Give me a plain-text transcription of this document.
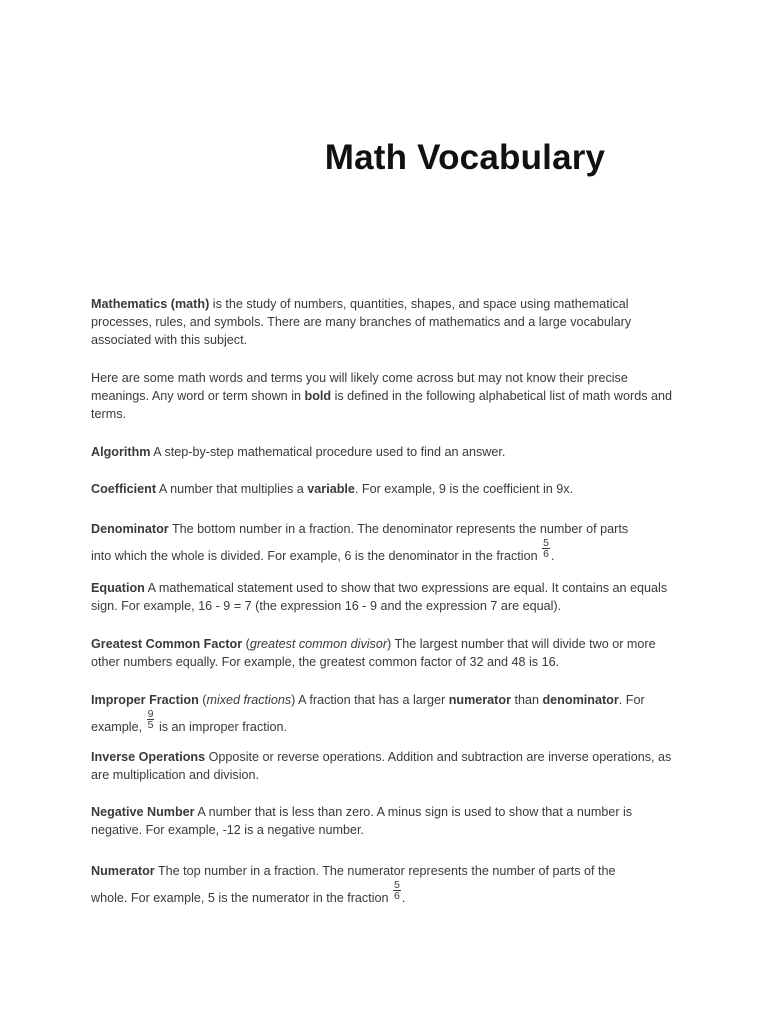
Math Vocabulary

Mathematics (math) is the study of numbers, quantities, shapes, and space using mathematical processes, rules, and symbols. There are many branches of mathematics and a large vocabulary associated with this subject.

Here are some math words and terms you will likely come across but may not know their precise meanings. Any word or term shown in bold is defined in the following alphabetical list of math words and terms.

Algorithm A step-by-step mathematical procedure used to find an answer.

Coefficient A number that multiplies a variable. For example, 9 is the coefficient in 9x.

Denominator The bottom number in a fraction. The denominator represents the number of parts
into which the whole is divided. For example, 6 is the denominator in the fraction $\frac{5}{6}$ .

Equation A mathematical statement used to show that two expressions are equal. It contains an equals sign. For example, 16 - 9 = 7 (the expression 16 - 9 and the expression 7 are equal).

Greatest Common Factor (greatest common divisor) The largest number that will divide two or more other numbers equally. For example, the greatest common factor of 32 and 48 is 16.

Improper Fraction (mixed fractions) A fraction that has a larger numerator than denominator. For
example, $\frac{9}{5}$ is an improper fraction.

Inverse Operations Opposite or reverse operations. Addition and subtraction are inverse operations, as are multiplication and division.

Negative Number A number that is less than zero. A minus sign is used to show that a number is negative. For example, -12 is a negative number.

Numerator The top number in a fraction. The numerator represents the number of parts of the
whole. For example, 5 is the numerator in the fraction $\frac{5}{6}$ .
